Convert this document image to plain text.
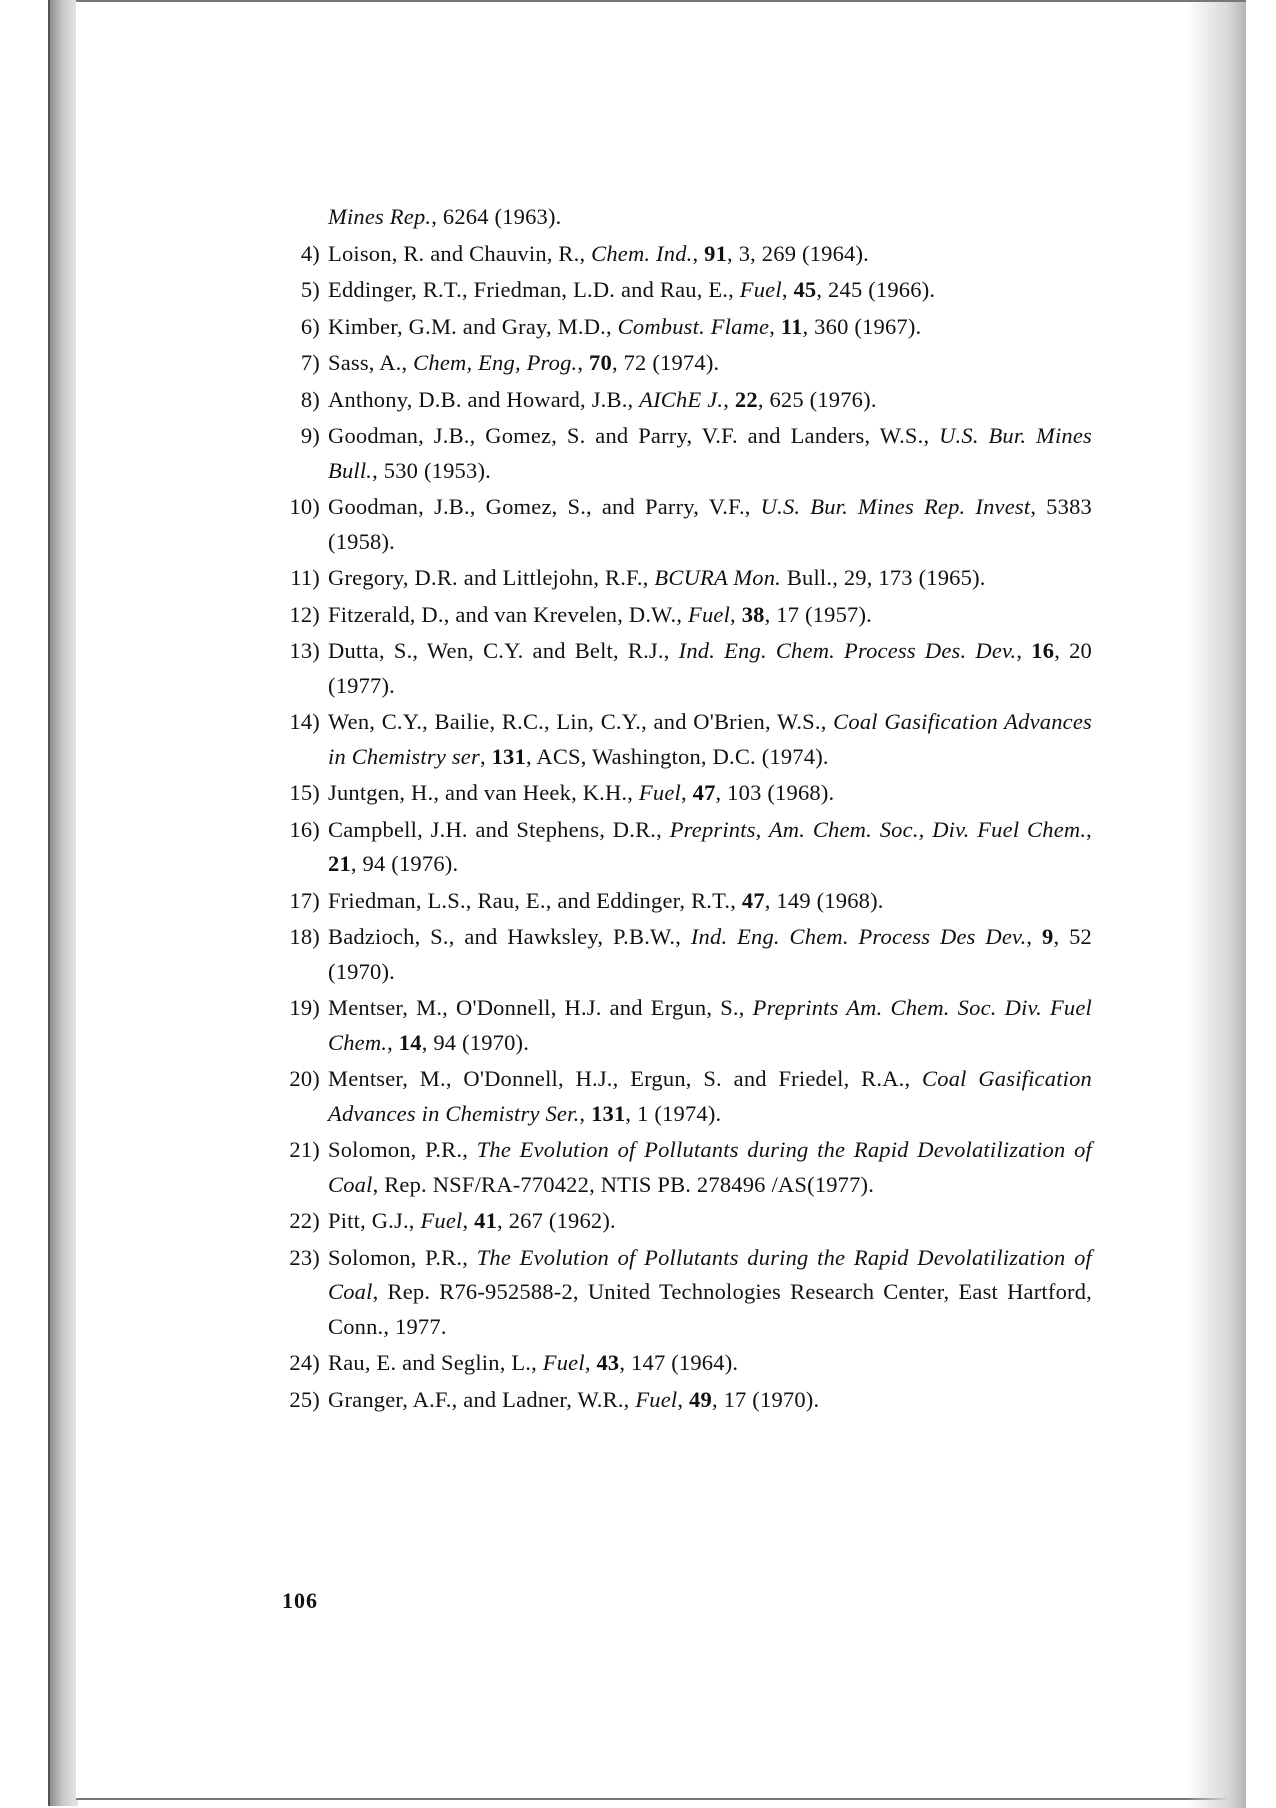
Mines Rep., 6264 (1963).
4) Loison, R. and Chauvin, R., Chem. Ind., 91, 3, 269 (1964).
5) Eddinger, R.T., Friedman, L.D. and Rau, E., Fuel, 45, 245 (1966).
6) Kimber, G.M. and Gray, M.D., Combust. Flame, 11, 360 (1967).
7) Sass, A., Chem, Eng, Prog., 70, 72 (1974).
8) Anthony, D.B. and Howard, J.B., AIChE J., 22, 625 (1976).
9) Goodman, J.B., Gomez, S. and Parry, V.F. and Landers, W.S., U.S. Bur. Mines Bull., 530 (1953).
10) Goodman, J.B., Gomez, S., and Parry, V.F., U.S. Bur. Mines Rep. Invest, 5383 (1958).
11) Gregory, D.R. and Littlejohn, R.F., BCURA Mon. Bull., 29, 173 (1965).
12) Fitzerald, D., and van Krevelen, D.W., Fuel, 38, 17 (1957).
13) Dutta, S., Wen, C.Y. and Belt, R.J., Ind. Eng. Chem. Process Des. Dev., 16, 20 (1977).
14) Wen, C.Y., Bailie, R.C., Lin, C.Y., and O'Brien, W.S., Coal Gasification Advances in Chemistry ser, 131, ACS, Washington, D.C. (1974).
15) Juntgen, H., and van Heek, K.H., Fuel, 47, 103 (1968).
16) Campbell, J.H. and Stephens, D.R., Preprints, Am. Chem. Soc., Div. Fuel Chem., 21, 94 (1976).
17) Friedman, L.S., Rau, E., and Eddinger, R.T., 47, 149 (1968).
18) Badzioch, S., and Hawksley, P.B.W., Ind. Eng. Chem. Process Des Dev., 9, 52 (1970).
19) Mentser, M., O'Donnell, H.J. and Ergun, S., Preprints Am. Chem. Soc. Div. Fuel Chem., 14, 94 (1970).
20) Mentser, M., O'Donnell, H.J., Ergun, S. and Friedel, R.A., Coal Gasification Advances in Chemistry Ser., 131, 1 (1974).
21) Solomon, P.R., The Evolution of Pollutants during the Rapid Devolatilization of Coal, Rep. NSF/RA-770422, NTIS PB. 278496 /AS(1977).
22) Pitt, G.J., Fuel, 41, 267 (1962).
23) Solomon, P.R., The Evolution of Pollutants during the Rapid Devolatilization of Coal, Rep. R76-952588-2, United Technologies Research Center, East Hartford, Conn., 1977.
24) Rau, E. and Seglin, L., Fuel, 43, 147 (1964).
25) Granger, A.F., and Ladner, W.R., Fuel, 49, 17 (1970).
106
